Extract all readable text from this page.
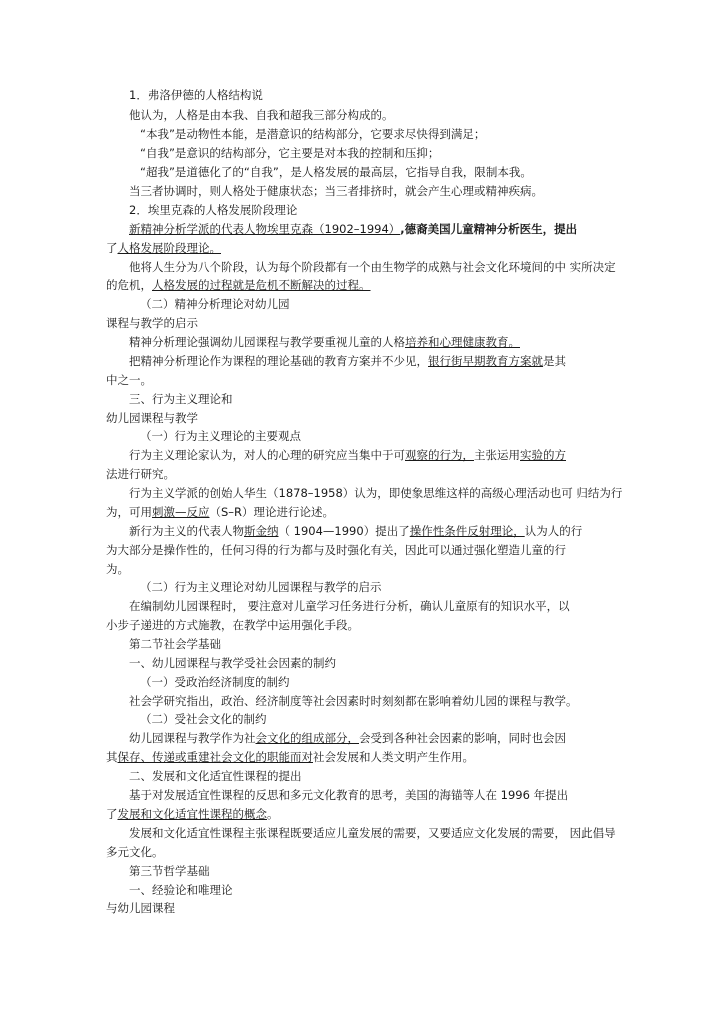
1．弗洛伊德的人格结构说
他认为，人格是由本我、自我和超我三部分构成的。
“本我”是动物性本能，是潜意识的结构部分，它要求尽快得到满足；
“自我”是意识的结构部分，它主要是对本我的控制和压抑；
“超我”是道德化了的“自我”，是人格发展的最高层，它指导自我，限制本我。
当三者协调时，则人格处于健康状态；当三者排挤时，就会产生心理或精神疾病。
2．埃里克森的人格发展阶段理论
新精神分析学派的代表人物埃里克森（1902–1994）,德裔美国儿童精神分析医生，提出
了人格发展阶段理论。
他将人生分为八个阶段，认为每个阶段都有一个由生物学的成熟与社会文化环境间的中 实所决定
的危机，人格发展的过程就是危机不断解决的过程。
（二）精神分析理论对幼儿园
课程与教学的启示
精神分析理论强调幼儿园课程与教学要重视儿童的人格培养和心理健康教育。
把精神分析理论作为课程的理论基础的教育方案并不少见，银行街早期教育方案就是其
中之一。
三、行为主义理论和
幼儿园课程与教学
（一）行为主义理论的主要观点
行为主义理论家认为，对人的心理的研究应当集中于可观察的行为，主张运用实验的方
法进行研究。
行为主义学派的创始人华生（1878–1958）认为，即使象思维这样的高级心理活动也可 归结为行
为，可用刺激—反应（S–R）理论进行论述。
新行为主义的代表人物斯金纳（ 1904—1990）提出了操作性条件反射理论，认为人的行
为大部分是操作性的，任何习得的行为都与及时强化有关，因此可以通过强化塑造儿童的行
为。
（二）行为主义理论对幼儿园课程与教学的启示
在编制幼儿园课程时， 要注意对儿童学习任务进行分析，确认儿童原有的知识水平，以
小步子递进的方式施教，在教学中运用强化手段。
第二节社会学基础
一、幼儿园课程与教学受社会因素的制约
（一）受政治经济制度的制约
社会学研究指出，政治、经济制度等社会因素时时刻刻都在影响着幼儿园的课程与教学。
（二）受社会文化的制约
幼儿园课程与教学作为社会文化的组成部分，会受到各种社会因素的影响，同时也会因
其保存、传递或重建社会文化的职能而对社会发展和人类文明产生作用。
二、发展和文化适宜性课程的提出
基于对发展适宜性课程的反思和多元文化教育的思考，美国的海锚等人在 1996 年提出
了发展和文化适宜性课程的概念。
发展和文化适宜性课程主张课程既要适应儿童发展的需要，又要适应文化发展的需要， 因此倡导
多元文化。
第三节哲学基础
一、经验论和唯理论
与幼儿园课程
